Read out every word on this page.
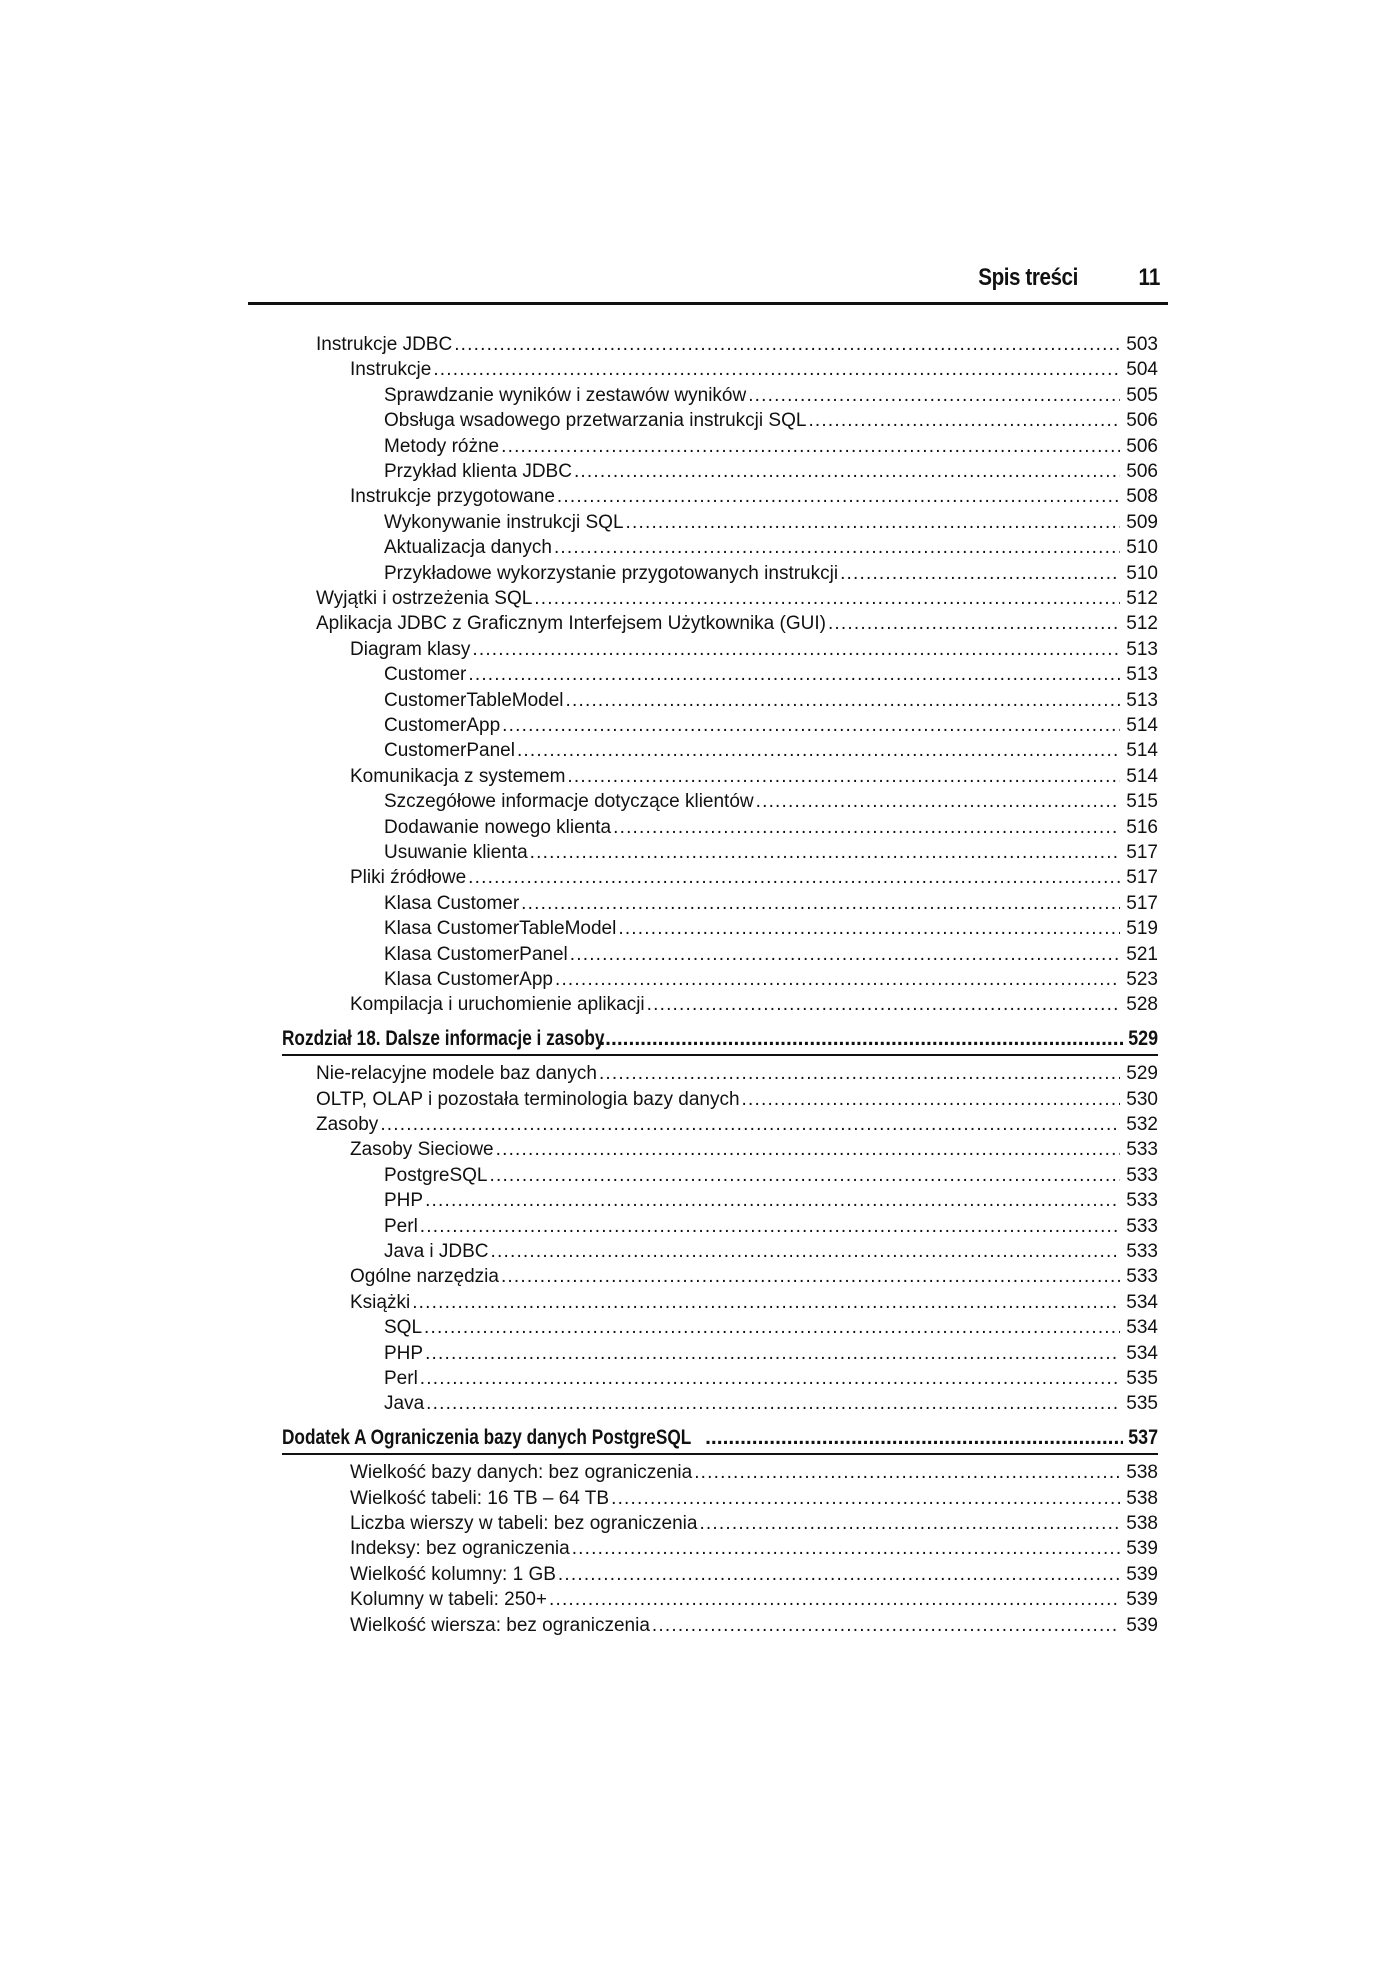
Spis treści	11
Instrukcje JDBC .....	503
Instrukcje .....	504
Sprawdzanie wyników i zestawów wyników .....	505
Obsługa wsadowego przetwarzania instrukcji SQL .....	506
Metody różne .....	506
Przykład klienta JDBC .....	506
Instrukcje przygotowane .....	508
Wykonywanie instrukcji SQL .....	509
Aktualizacja danych .....	510
Przykładowe wykorzystanie przygotowanych instrukcji .....	510
Wyjątki i ostrzeżenia SQL .....	512
Aplikacja JDBC z Graficznym Interfejsem Użytkownika (GUI) .....	512
Diagram klasy .....	513
Customer .....	513
CustomerTableModel .....	513
CustomerApp .....	514
CustomerPanel .....	514
Komunikacja z systemem .....	514
Szczegółowe informacje dotyczące klientów .....	515
Dodawanie nowego klienta .....	516
Usuwanie klienta .....	517
Pliki źródłowe .....	517
Klasa Customer .....	517
Klasa CustomerTableModel .....	519
Klasa CustomerPanel .....	521
Klasa CustomerApp .....	523
Kompilacja i uruchomienie aplikacji .....	528
Rozdział 18. Dalsze informacje i zasoby .....	529
Nie-relacyjne modele baz danych .....	529
OLTP, OLAP i pozostała terminologia bazy danych .....	530
Zasoby .....	532
Zasoby Sieciowe .....	533
PostgreSQL .....	533
PHP .....	533
Perl .....	533
Java i JDBC .....	533
Ogólne narzędzia .....	533
Książki .....	534
SQL .....	534
PHP .....	534
Perl .....	535
Java .....	535
Dodatek A Ograniczenia bazy danych PostgreSQL .....	537
Wielkość bazy danych: bez ograniczenia .....	538
Wielkość tabeli: 16 TB – 64 TB .....	538
Liczba wierszy w tabeli: bez ograniczenia .....	538
Indeksy: bez ograniczenia .....	539
Wielkość kolumny: 1 GB .....	539
Kolumny w tabeli: 250+ .....	539
Wielkość wiersza: bez ograniczenia .....	539
